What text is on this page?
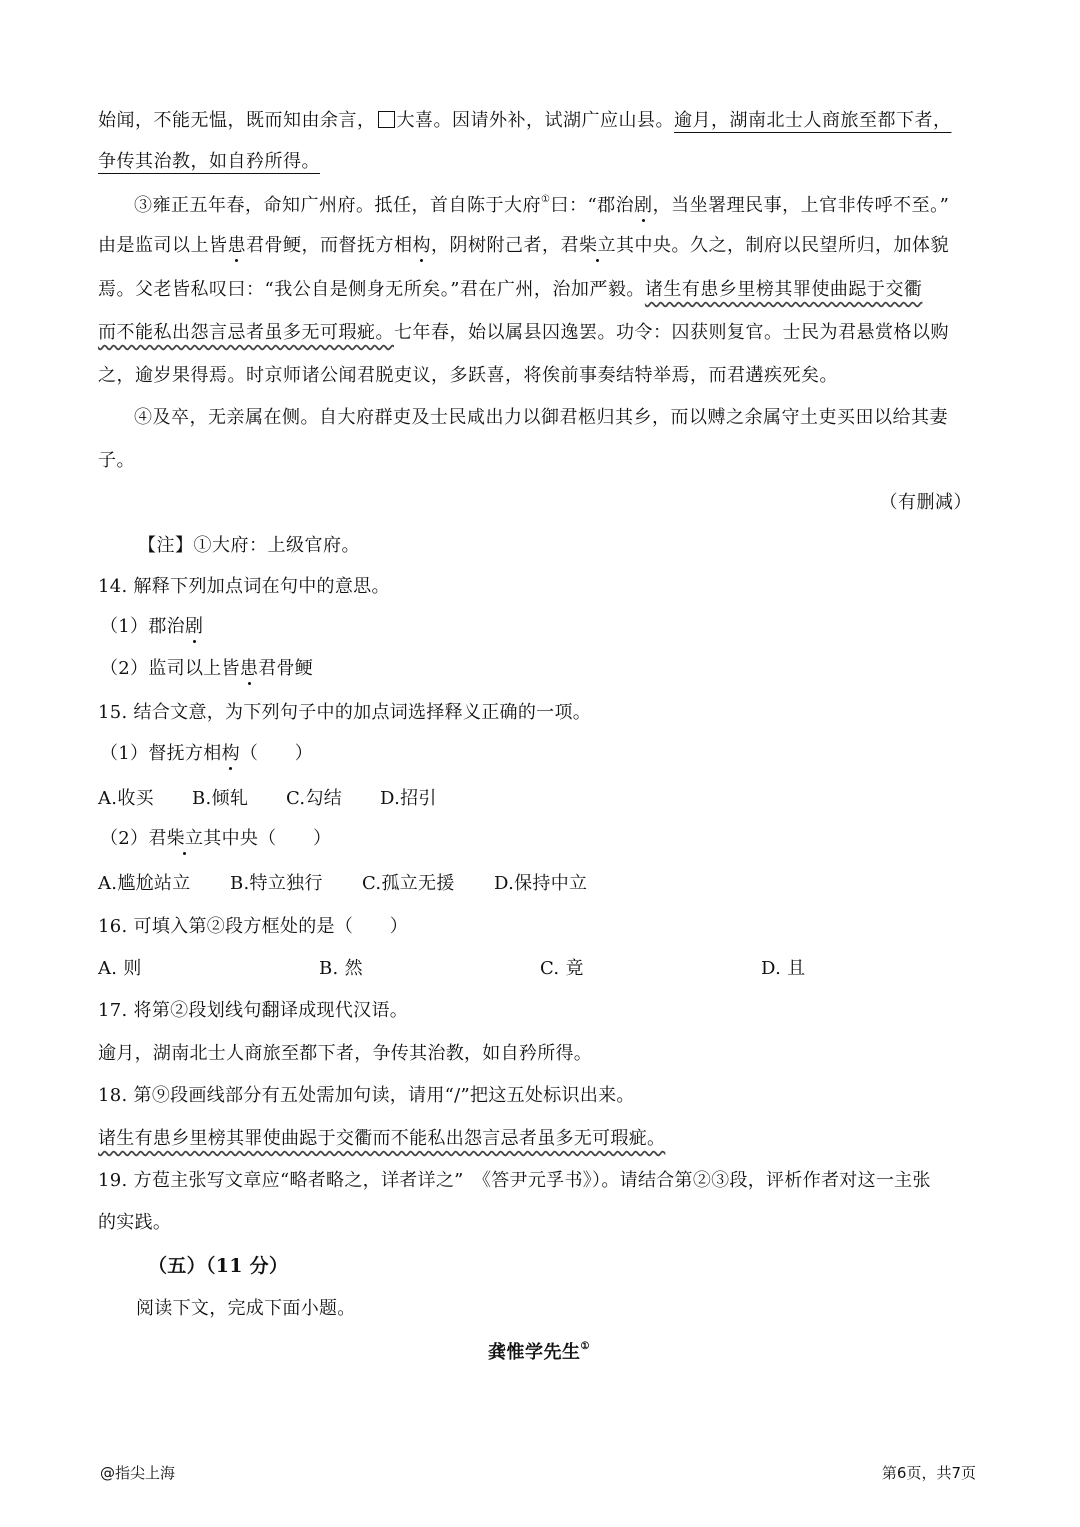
始闻，不能无愠，既而知由余言， 大喜。因请外补，试湖广应山县。逾月，湖南北士人商旅至都下者，
争传其治教，如自矜所得。
③雍正五年春，命知广州府。抵任，首自陈于大府①曰：“郡治剧，当坐署理民事，上官非传呼不至。”
由是监司以上皆患君骨鲠，而督抚方相构，阴树附己者，君柴立其中央。久之，制府以民望所归，加体貌
焉。父老皆私叹曰：“我公自是侧身无所矣。”君在广州，治加严毅。诸生有患乡里榜其罪使曲跽于交衢
而不能私出怨言忌者虽多无可瑕疵。七年春，始以属县囚逸罢。功令：囚获则复官。士民为君悬赏格以购
之，逾岁果得焉。时京师诸公闻君脱吏议，多跃喜，将俟前事奏结特举焉，而君遘疾死矣。
④及卒，无亲属在侧。自大府群吏及士民咸出力以御君柩归其乡，而以赙之余属守土吏买田以给其妻
子。
（有删减）
【注】①大府：上级官府。
14. 解释下列加点词在句中的意思。
（1）郡治剧
（2）监司以上皆患君骨鲠
15. 结合文意，为下列句子中的加点词选择释义正确的一项。
（1）督抚方相构（　　）
A.收买 B.倾轧 C.勾结 D.招引
（2）君柴立其中央（　　）
A.尴尬站立 B.特立独行 C.孤立无援 D.保持中立
16. 可填入第②段方框处的是（　　）
A. 则	B. 然	C. 竟	D. 且
17. 将第②段划线句翻译成现代汉语。
逾月，湖南北士人商旅至都下者，争传其治教，如自矜所得。
18. 第⑨段画线部分有五处需加句读，请用“/”把这五处标识出来。
诸生有患乡里榜其罪使曲跽于交衢而不能私出怨言忌者虽多无可瑕疵。
19. 方苞主张写文章应“略者略之，详者详之”　《答尹元孚书》）。请结合第②③段，评析作者对这一主张
的实践。
（五）（11 分）
阅读下文，完成下面小题。
龚惟学先生①
@指尖上海	第6页，共7页
